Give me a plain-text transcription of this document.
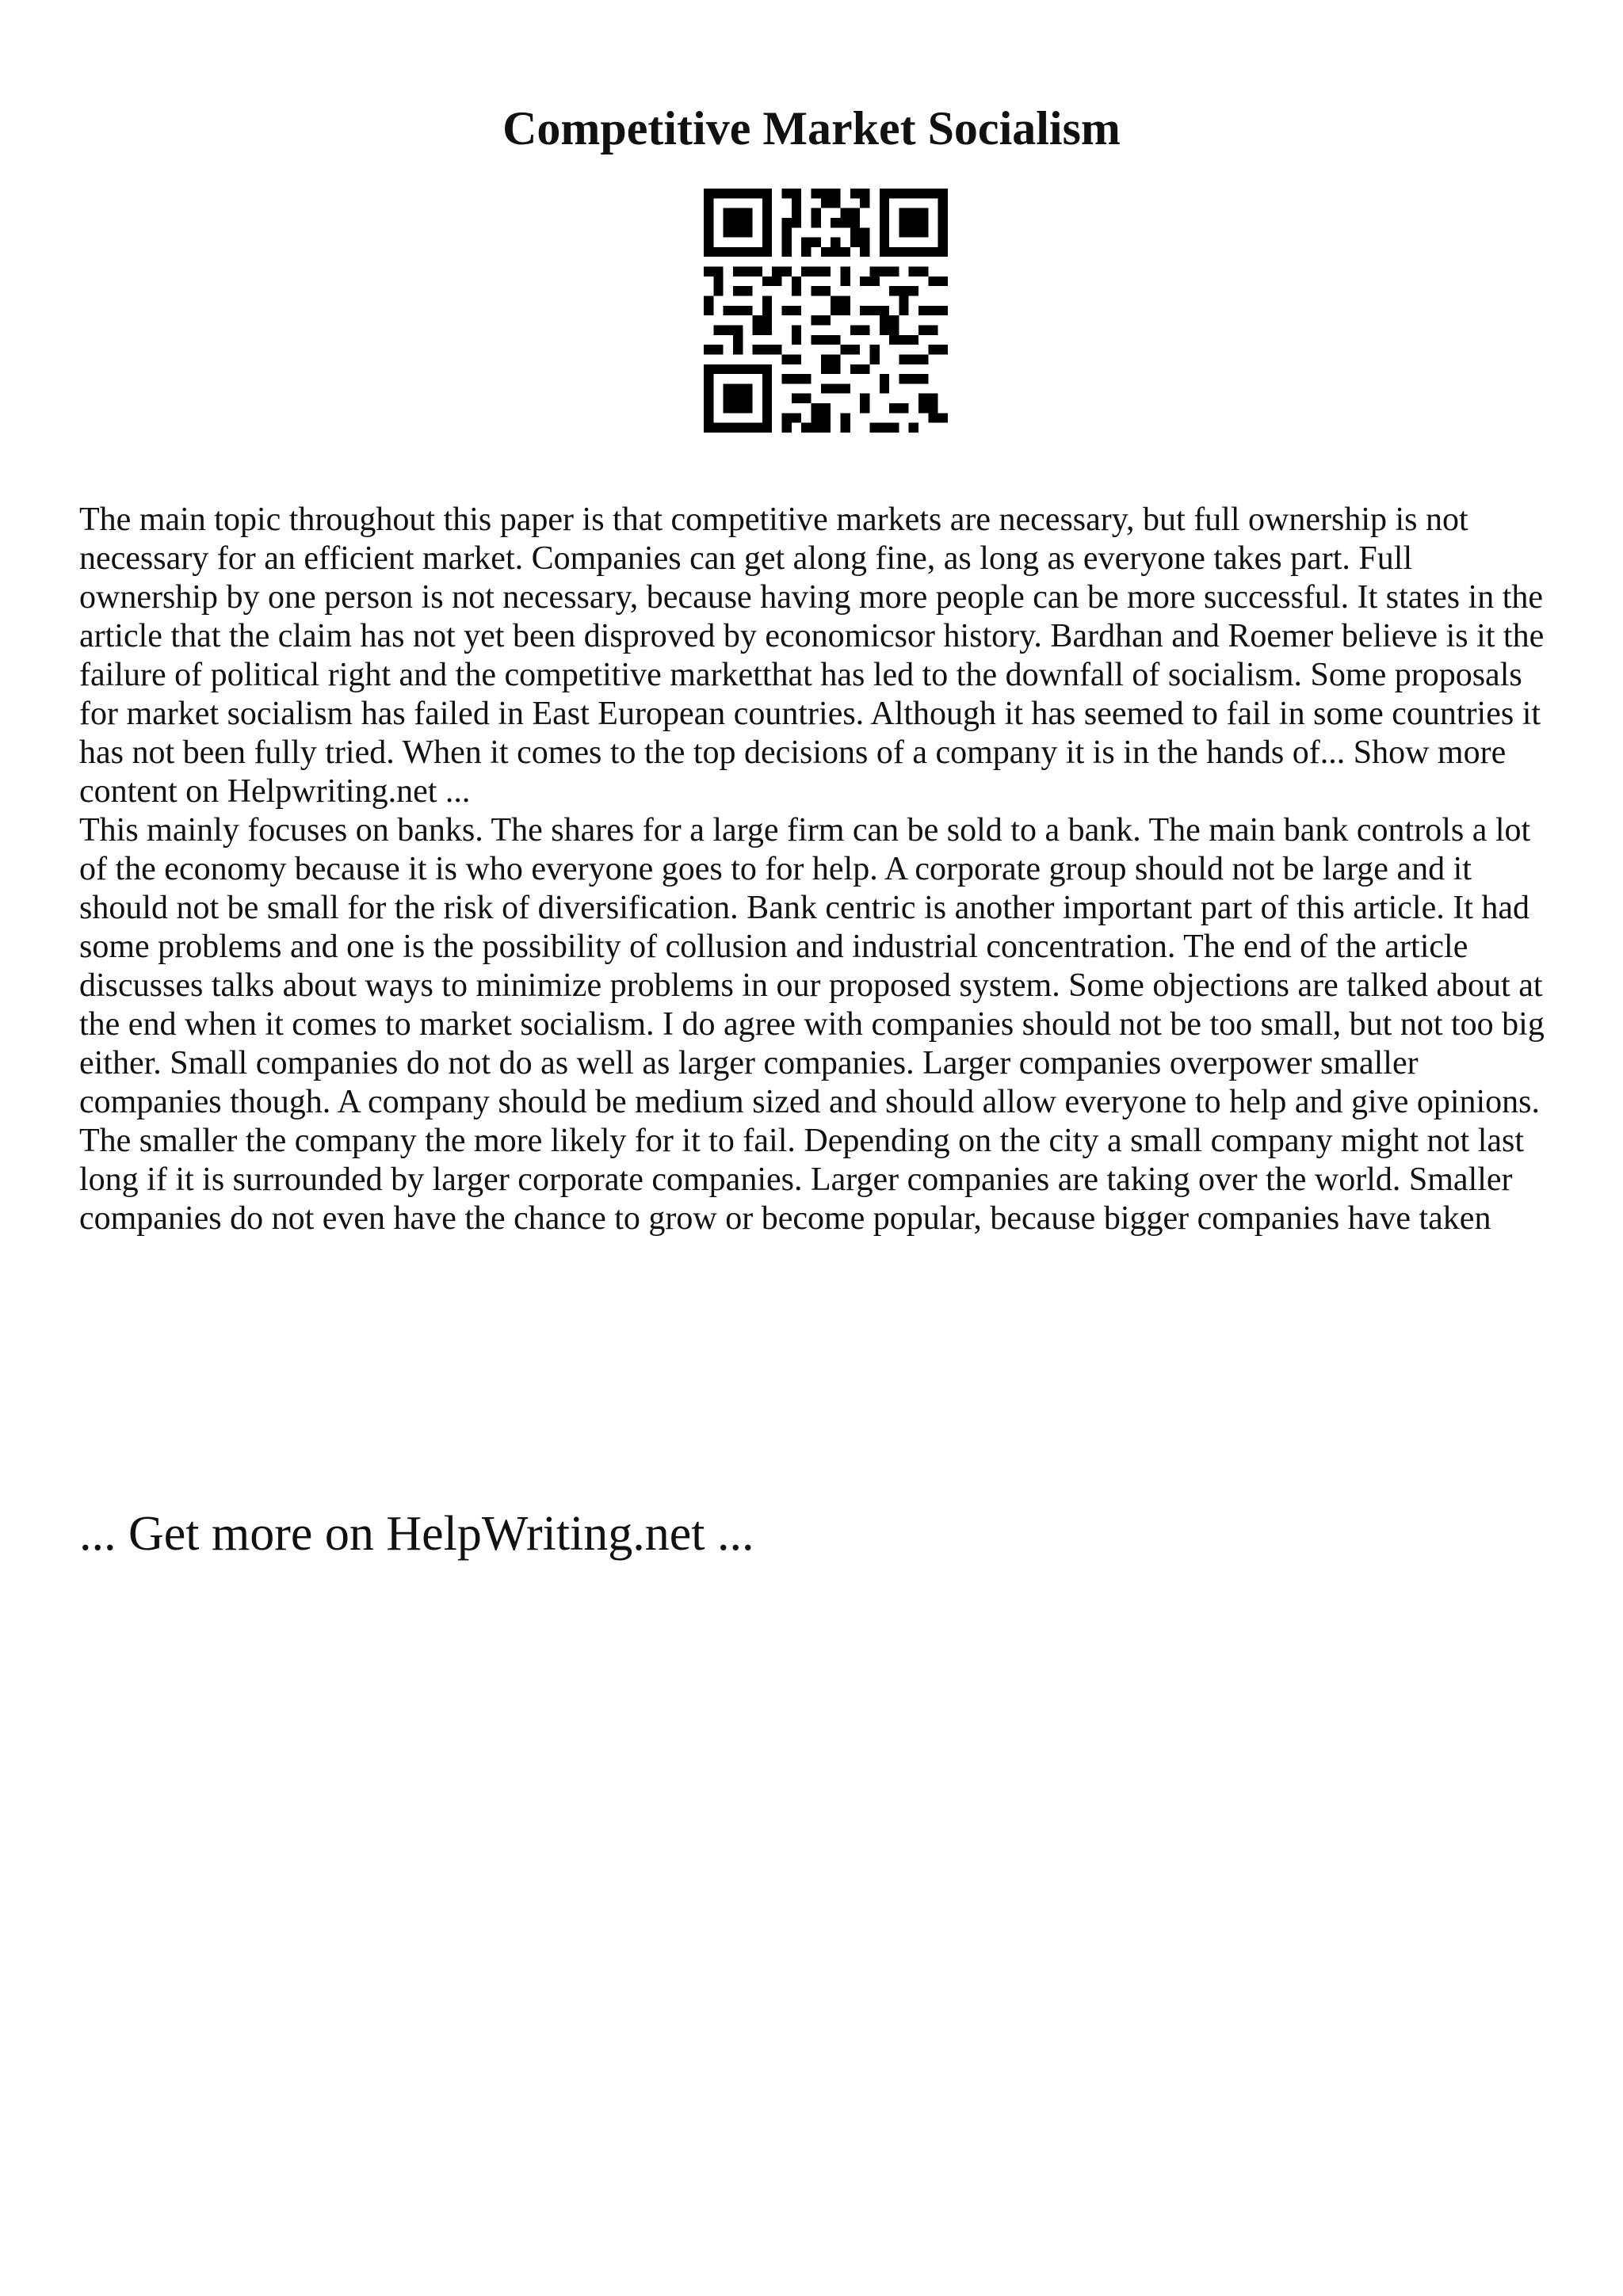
Competitive Market Socialism

The main topic throughout this paper is that competitive markets are necessary, but full ownership is not necessary for an efficient market. Companies can get along fine, as long as everyone takes part. Full ownership by one person is not necessary, because having more people can be more successful. It states in the article that the claim has not yet been disproved by economicsor history. Bardhan and Roemer believe is it the failure of political right and the competitive marketthat has led to the downfall of socialism. Some proposals for market socialism has failed in East European countries. Although it has seemed to fail in some countries it has not been fully tried. When it comes to the top decisions of a company it is in the hands of... Show more content on Helpwriting.net ...

This mainly focuses on banks. The shares for a large firm can be sold to a bank. The main bank controls a lot of the economy because it is who everyone goes to for help. A corporate group should not be large and it should not be small for the risk of diversification. Bank centric is another important part of this article. It had some problems and one is the possibility of collusion and industrial concentration. The end of the article discusses talks about ways to minimize problems in our proposed system. Some objections are talked about at the end when it comes to market socialism. I do agree with companies should not be too small, but not too big either. Small companies do not do as well as larger companies. Larger companies overpower smaller companies though. A company should be medium sized and should allow everyone to help and give opinions. The smaller the company the more likely for it to fail. Depending on the city a small company might not last long if it is surrounded by larger corporate companies. Larger companies are taking over the world. Smaller companies do not even have the chance to grow or become popular, because bigger companies have taken

... Get more on HelpWriting.net ...
